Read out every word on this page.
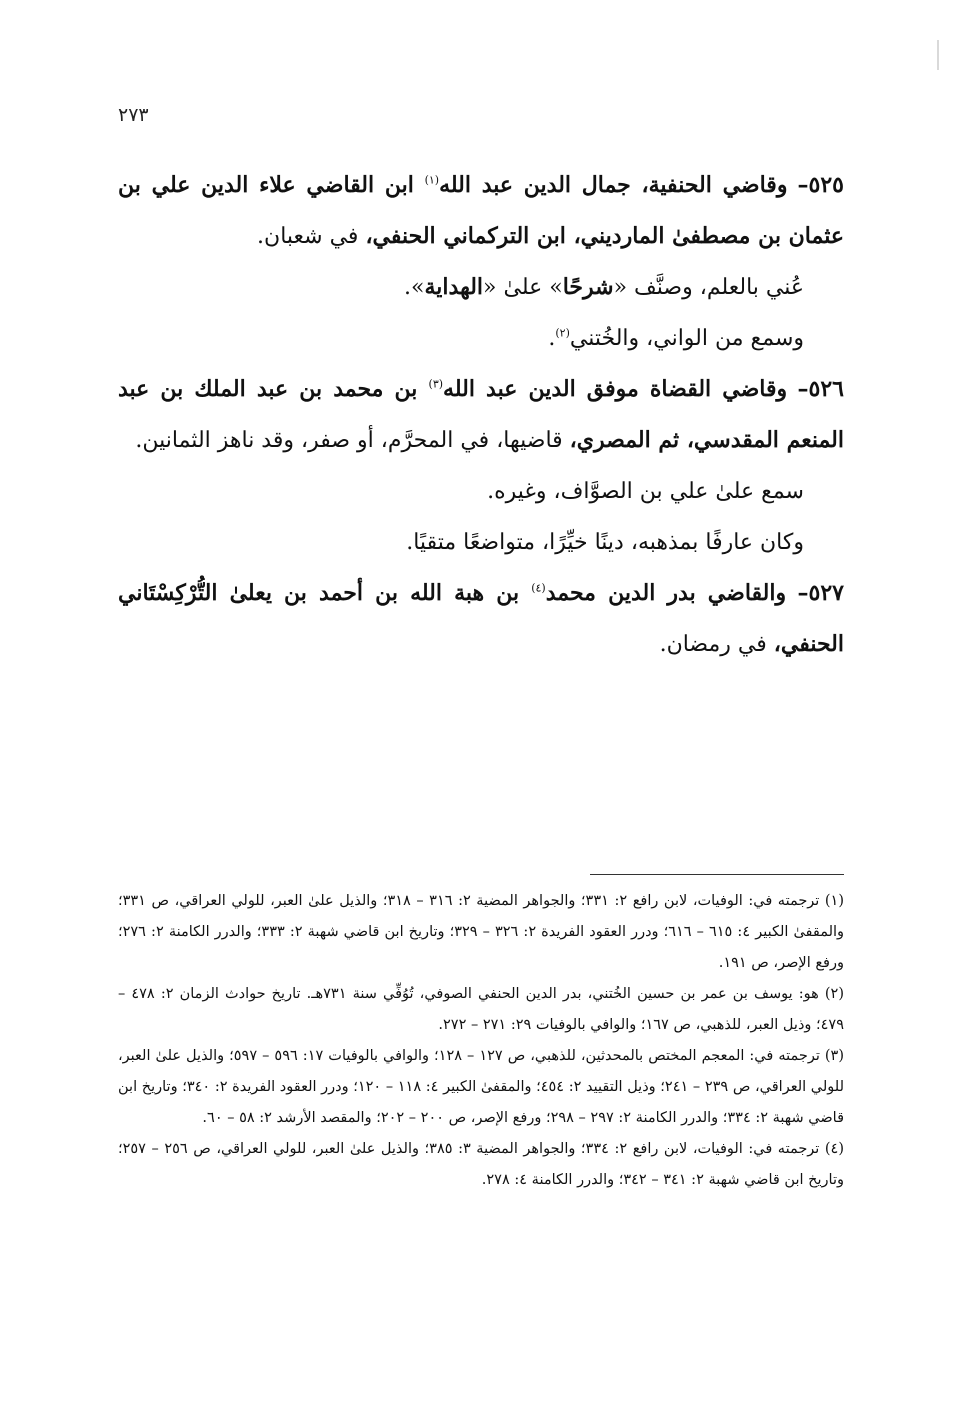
٢٧٣

٥٢٥– وقاضي الحنفية، جمال الدين عبد الله$^{(١)}$ ابن القاضي علاء الدين علي بن عثمان بن مصطفىٰ المارديني، ابن التركماني الحنفي، في شعبان.

عُني بالعلم، وصنَّف «شرحًا» علىٰ «الهداية».

وسمع من الواني، والخُتني$^{(٢)}$.

٥٢٦– وقاضي القضاة موفق الدين عبد الله$^{(٣)}$ بن محمد بن عبد الملك بن عبد المنعم المقدسي، ثم المصري، قاضيها، في المحرَّم، أو صفر، وقد ناهز الثمانين.

سمع علىٰ علي بن الصوَّاف، وغيره.

وكان عارفًا بمذهبه، دينًا خيِّرًا، متواضعًا متقيًا.

٥٢٧– والقاضي بدر الدين محمد$^{(٤)}$ بن هبة الله بن أحمد بن يعلىٰ التُّرْكِسْتَاني الحنفي، في رمضان.

(١) ترجمته في: الوفيات، لابن رافع ٢: ٣٣١؛ والجواهر المضية ٢: ٣١٦ – ٣١٨؛ والذيل علىٰ العبر، للولي العراقي، ص ٣٣١؛ والمقفىٰ الكبير ٤: ٦١٥ – ٦١٦؛ ودرر العقود الفريدة ٢: ٣٢٦ – ٣٢٩؛ وتاريخ ابن قاضي شهبة ٢: ٣٣٣؛ والدرر الكامنة ٢: ٢٧٦؛ ورفع الإصر، ص ١٩١.

(٢) هو: يوسف بن عمر بن حسين الخُتني، بدر الدين الحنفي الصوفي، تُوُفِّي سنة ٧٣١هـ. تاريخ حوادث الزمان ٢: ٤٧٨ – ٤٧٩؛ وذيل العبر، للذهبي، ص ١٦٧؛ والوافي بالوفيات ٢٩: ٢٧١ – ٢٧٢.

(٣) ترجمته في: المعجم المختص بالمحدثين، للذهبي، ص ١٢٧ – ١٢٨؛ والوافي بالوفيات ١٧: ٥٩٦ – ٥٩٧؛ والذيل علىٰ العبر، للولي العراقي، ص ٢٣٩ – ٢٤١؛ وذيل التقييد ٢: ٤٥٤؛ والمقفىٰ الكبير ٤: ١١٨ – ١٢٠؛ ودرر العقود الفريدة ٢: ٣٤٠؛ وتاريخ ابن قاضي شهبة ٢: ٣٣٤؛ والدرر الكامنة ٢: ٢٩٧ – ٢٩٨؛ ورفع الإصر، ص ٢٠٠ – ٢٠٢؛ والمقصد الأرشد ٢: ٥٨ – ٦٠.

(٤) ترجمته في: الوفيات، لابن رافع ٢: ٣٣٤؛ والجواهر المضية ٣: ٣٨٥؛ والذيل علىٰ العبر، للولي العراقي، ص ٢٥٦ – ٢٥٧؛ وتاريخ ابن قاضي شهبة ٢: ٣٤١ – ٣٤٢؛ والدرر الكامنة ٤: ٢٧٨.
